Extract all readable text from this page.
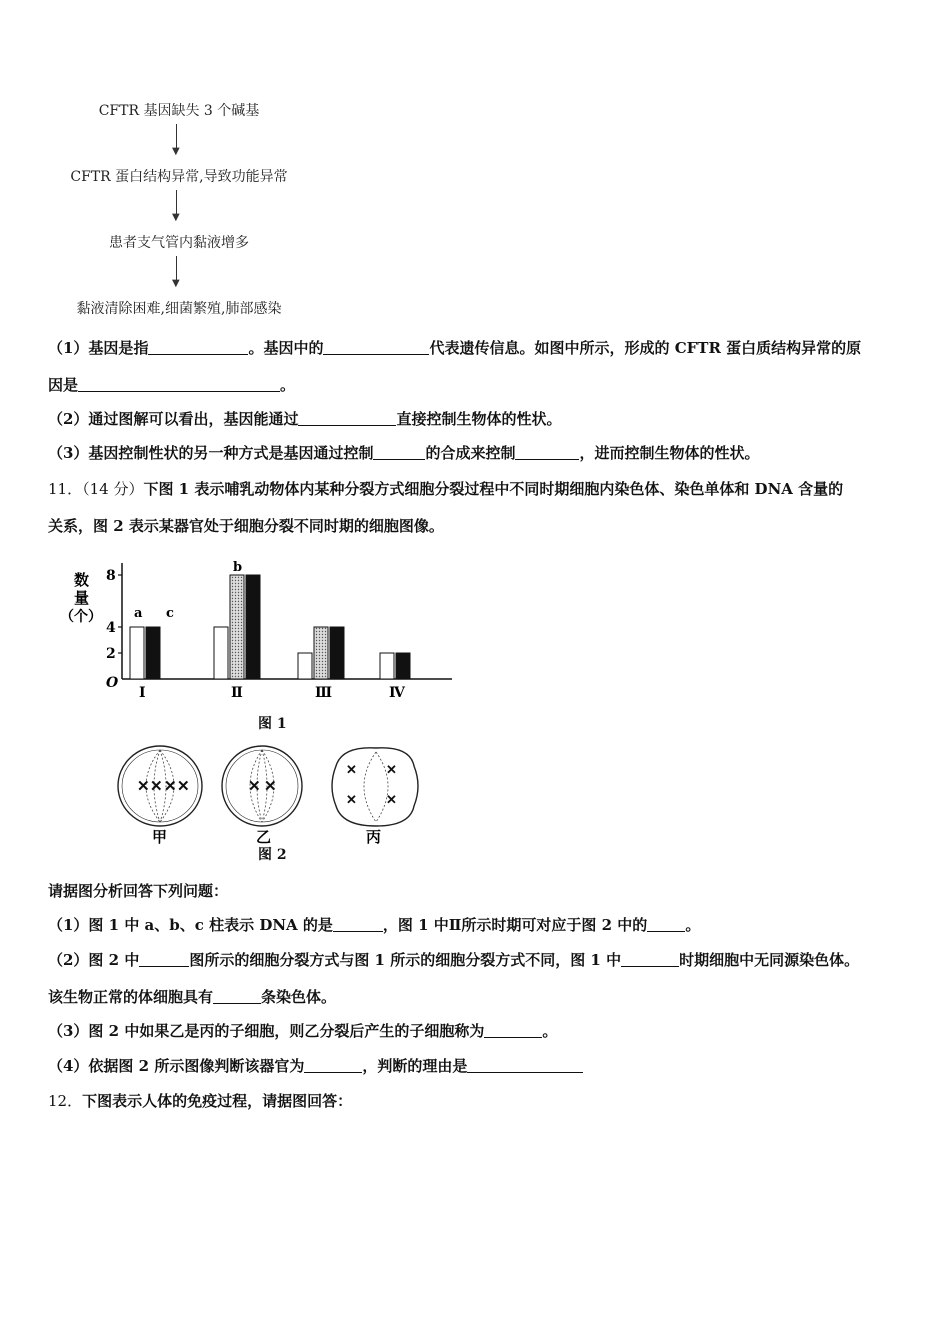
CFTR 基因缺失 3 个碱基
▼
CFTR 蛋白结构异常,导致功能异常
▼
患者支气管内黏液增多
▼
黏液清除困难,细菌繁殖,肺部感染
（1）基因是指	。基因中的	代表遗传信息。如图中所示，形成的 CFTR 蛋白质结构异常的原
因是	。
（2）通过图解可以看出，基因能通过	直接控制生物体的性状。
（3）基因控制性状的另一种方式是基因通过控制	的合成来控制	，进而控制生物体的性状。
11．（14 分）下图 1 表示哺乳动物体内某种分裂方式细胞分裂过程中不同时期细胞内染色体、染色单体和 DNA 含量的
关系，图 2 表示某器官处于细胞分裂不同时期的细胞图像。
数
量
（个）
O
2
4
8
Ⅰ	Ⅱ	Ⅲ	Ⅳ
a c
b
图 1
✕ ✕ ✕ ✕	✕ ✕
✕ ✕
✕ ✕
甲	乙	丙
图 2
请据图分析回答下列问题：
（1）图 1 中 a、b、c 柱表示 DNA 的是	，图 1 中Ⅱ所示时期可对应于图 2 中的	。
（2）图 2 中	图所示的细胞分裂方式与图 1 所示的细胞分裂方式不同，图 1 中	时期细胞中无同源染色体。
该生物正常的体细胞具有	条染色体。
（3）图 2 中如果乙是丙的子细胞，则乙分裂后产生的子细胞称为	。
（4）依据图 2 所示图像判断该器官为	，判断的理由是
12．下图表示人体的免疫过程，请据图回答：
